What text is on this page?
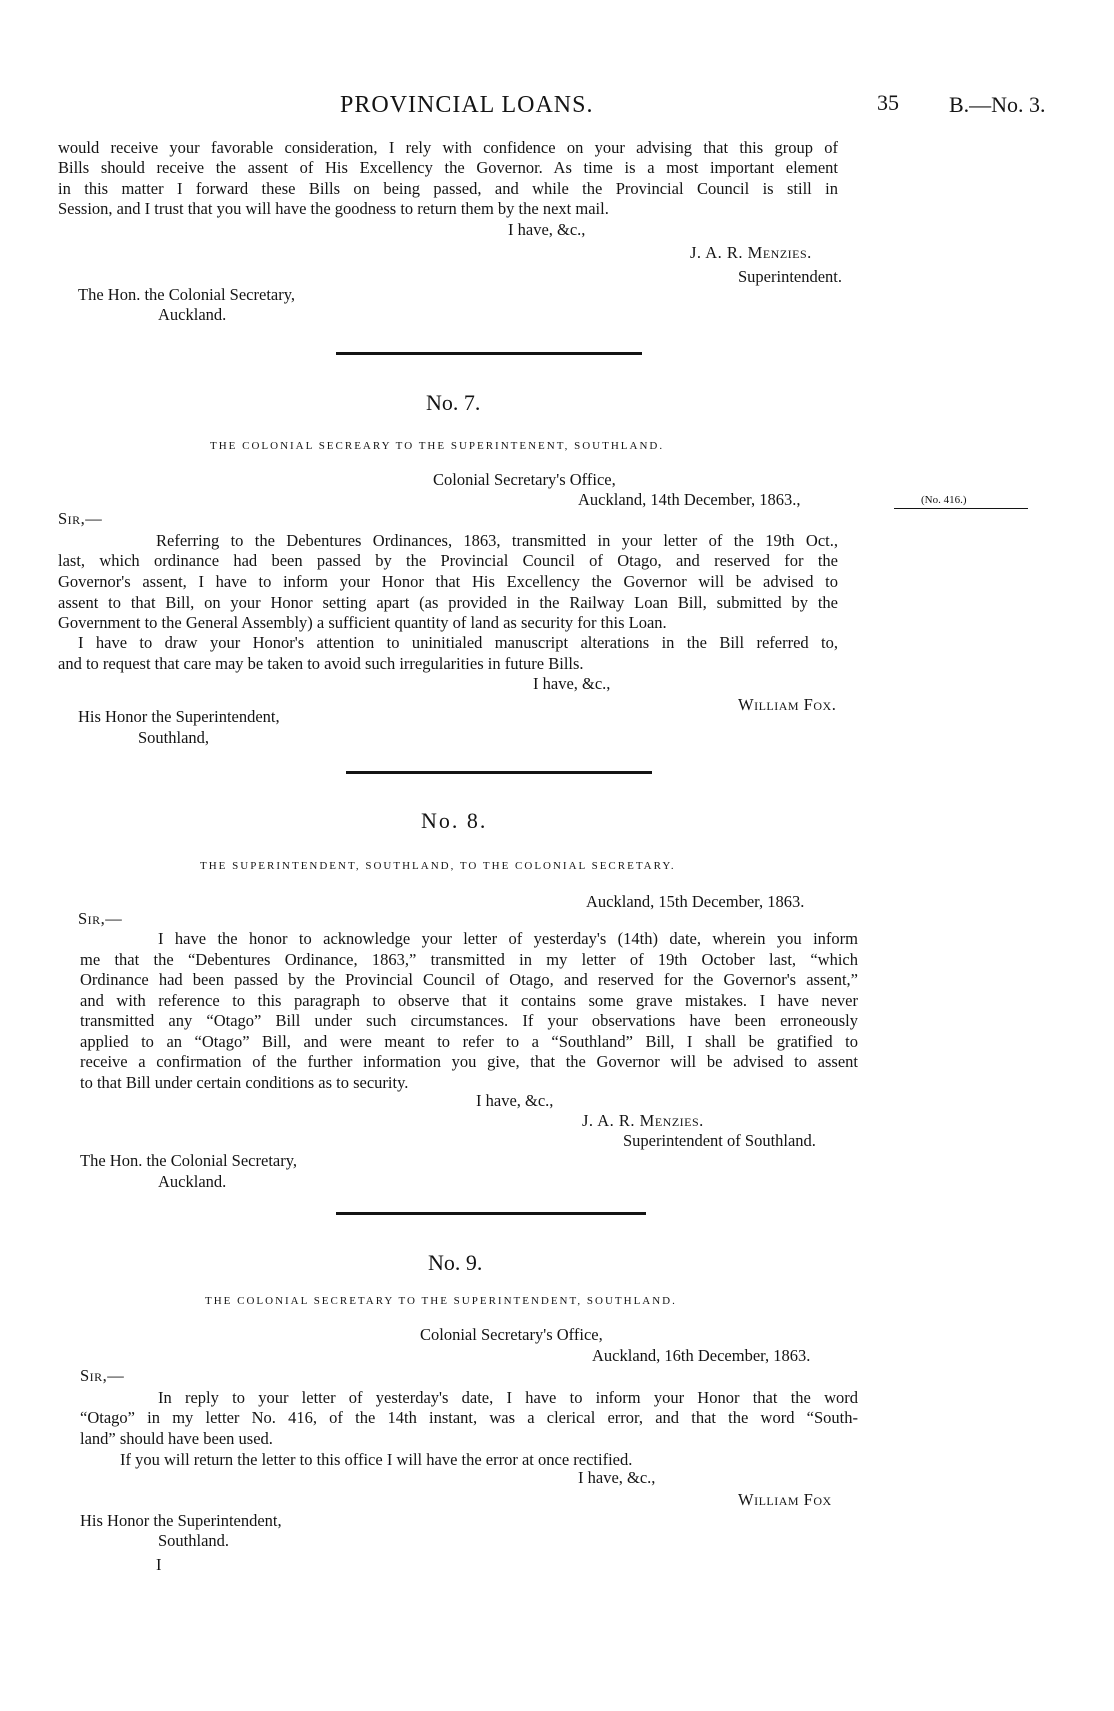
PROVINCIAL LOANS.	35 B.—No. 3.
would receive your favorable consideration, I rely with confidence on your advising that this group of
Bills should receive the assent of His Excellency the Governor. As time is a most important element
in this matter I forward these Bills on being passed, and while the Provincial Council is still in
Session, and I trust that you will have the goodness to return them by the next mail.
I have, &c.,
J. A. R. Menzies.
Superintendent.
The Hon. the Colonial Secretary,
Auckland.
No. 7.
THE COLONIAL SECREARY TO THE SUPERINTENENT, SOUTHLAND.
Colonial Secretary's Office,
Auckland, 14th December, 1863.,	(No. 416.)
Sir,—
Referring to the Debentures Ordinances, 1863, transmitted in your letter of the 19th Oct.,
last, which ordinance had been passed by the Provincial Council of Otago, and reserved for the
Governor's assent, I have to inform your Honor that His Excellency the Governor will be advised to
assent to that Bill, on your Honor setting apart (as provided in the Railway Loan Bill, submitted by the
Government to the General Assembly) a sufficient quantity of land as security for this Loan.
I have to draw your Honor's attention to uninitialed manuscript alterations in the Bill referred to,
and to request that care may be taken to avoid such irregularities in future Bills.
I have, &c.,
William Fox.
His Honor the Superintendent,
Southland,
No. 8.
THE SUPERINTENDENT, SOUTHLAND, TO THE COLONIAL SECRETARY.
Auckland, 15th December, 1863.
Sir,—
I have the honor to acknowledge your letter of yesterday's (14th) date, wherein you inform
me that the “Debentures Ordinance, 1863,” transmitted in my letter of 19th October last, “which
Ordinance had been passed by the Provincial Council of Otago, and reserved for the Governor's assent,”
and with reference to this paragraph to observe that it contains some grave mistakes. I have never
transmitted any “Otago” Bill under such circumstances. If your observations have been erroneously
applied to an “Otago” Bill, and were meant to refer to a “Southland” Bill, I shall be gratified to
receive a confirmation of the further information you give, that the Governor will be advised to assent
to that Bill under certain conditions as to security.
I have, &c.,
J. A. R. Menzies.
Superintendent of Southland.
The Hon. the Colonial Secretary,
Auckland.
No. 9.
THE COLONIAL SECRETARY TO THE SUPERINTENDENT, SOUTHLAND.
Colonial Secretary's Office,
Auckland, 16th December, 1863.
Sir,—
In reply to your letter of yesterday's date, I have to inform your Honor that the word
“Otago” in my letter No. 416, of the 14th instant, was a clerical error, and that the word “South-
land” should have been used.
If you will return the letter to this office I will have the error at once rectified.
I have, &c.,
William Fox
His Honor the Superintendent,
Southland.
I
